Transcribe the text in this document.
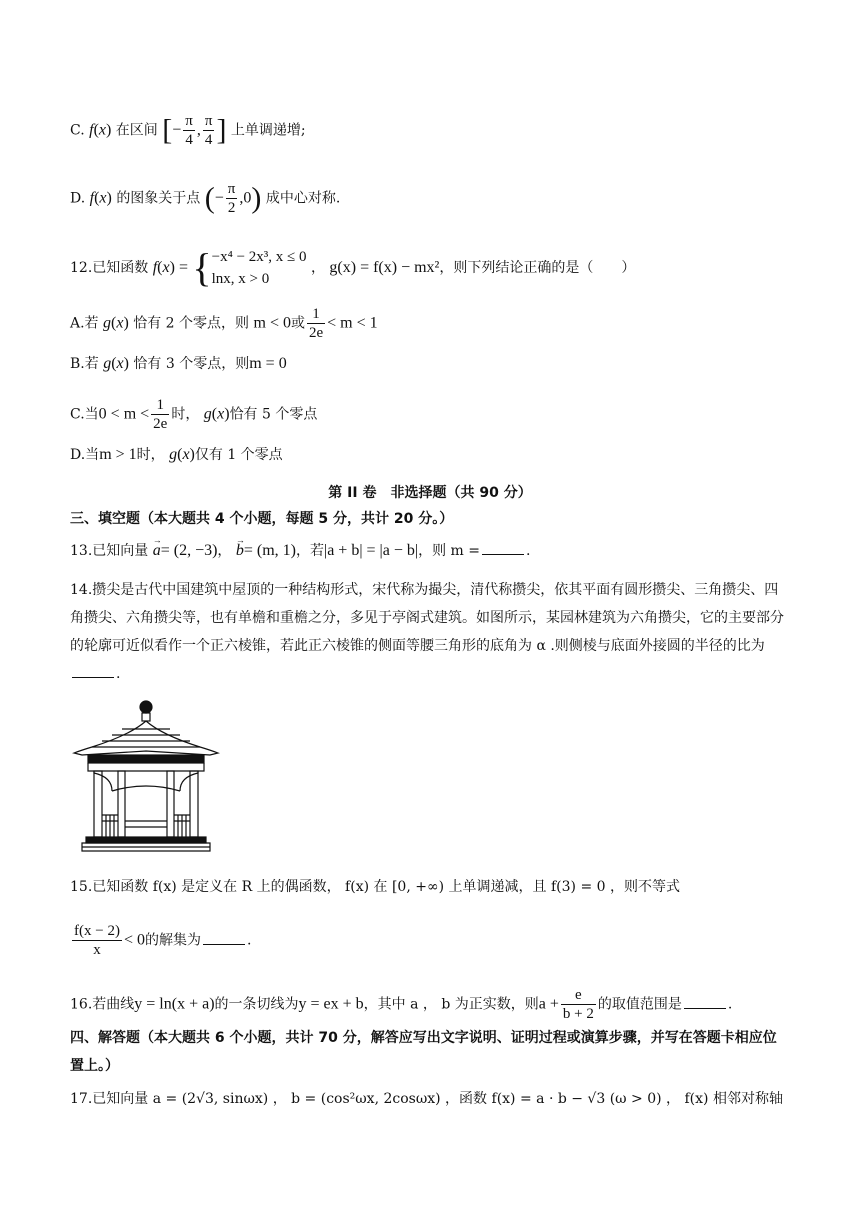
C. f(x) 在区间 [− $\frac{\pi}{4}$ , $\frac{\pi}{4}$ ] 上单调递增;
D. f(x) 的图象关于点 (− $\frac{\pi}{2} ,0$) 成中心对称.
12.已知函数 f(x) = { −x⁴ − 2x³, x ≤ 0
lnx, x > 0
， g(x) = f(x) − mx²，则下列结论正确的是（　　）
A.若 g(x) 恰有 2 个零点，则 m < 0或 $\frac{1}{2e} < m < 1$
B.若 g(x) 恰有 3 个零点，则m = 0
C.当$0 < m < \frac{1}{2e}$ 时， g(x)恰有 5 个零点
D.当m > 1时， g(x)仅有 1 个零点
第 II 卷　非选择题（共 90 分）
三、填空题（本大题共 4 个小题，每题 5 分，共计 20 分。）
13.已知向量 → a= (2, −3)， → b= (m, 1)，若|a + b| = |a − b|，则 m =	.
14.攒尖是古代中国建筑中屋顶的一种结构形式，宋代称为撮尖，清代称攒尖，依其平面有圆形攒尖、三角攒尖、四角攒尖、六角攒尖等，也有单檐和重檐之分，多见于亭阁式建筑。如图所示，某园林建筑为六角攒尖，它的主要部分的轮廓可近似看作一个正六棱锥，若此正六棱锥的侧面等腰三角形的底角为 α .则侧棱与底面外接圆的半径的比为.
15.已知函数 f(x) 是定义在 R 上的偶函数， f(x) 在 [0, +∞) 上单调递减，且 f(3) = 0 ，则不等式
$\frac{f(x - 2)}{x} < 0$的解集为	.
16.若曲线y = ln(x + a)的一条切线为y = ex + b，其中 a ， b 为正实数，则$a + \frac{e}{b + 2}$ 的取值范围是	.
四、解答题（本大题共 6 个小题，共计 70 分，解答应写出文字说明、证明过程或演算步骤，并写在答题卡相应位置上。）
17.已知向量 a = (2√3, sinωx) ， b = (cos²ωx, 2cosωx) ，函数 f(x) = a · b − √3 (ω > 0) ， f(x) 相邻对称轴
